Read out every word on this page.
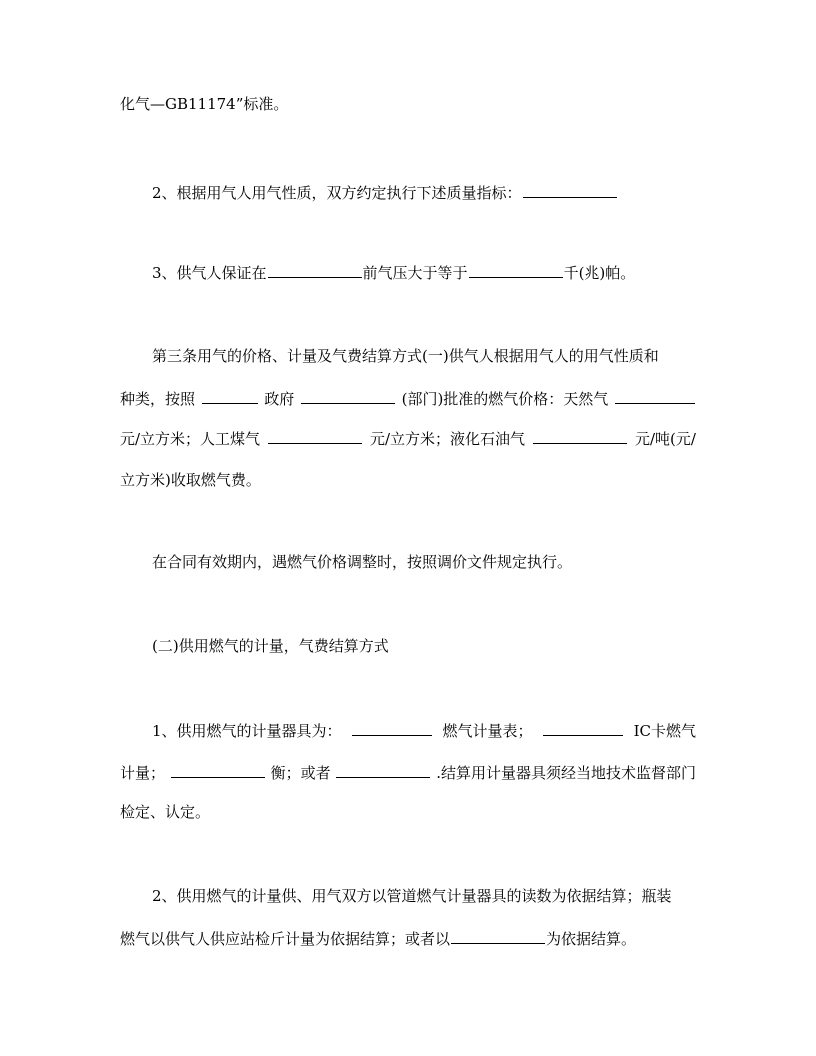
化气—GB11174”标准。
2、根据用气人用气性质，双方约定执行下述质量指标：
3、供气人保证在	前气压大于等于	千(兆)帕。
第三条用气的价格、计量及气费结算方式(一)供气人根据用气人的用气性质和
种类，按照	政府	(部门)批准的燃气价格：天然气
元/立方米；人工煤气	元/立方米；液化石油气	元/吨(元/
立方米)收取燃气费。
在合同有效期内，遇燃气价格调整时，按照调价文件规定执行。
(二)供用燃气的计量，气费结算方式
1、供用燃气的计量器具为：	燃气计量表；	IC卡燃气
计量；	衡；或者	.结算用计量器具须经当地技术监督部门
检定、认定。
2、供用燃气的计量供、用气双方以管道燃气计量器具的读数为依据结算；瓶装
燃气以供气人供应站检斤计量为依据结算；或者以	为依据结算。
